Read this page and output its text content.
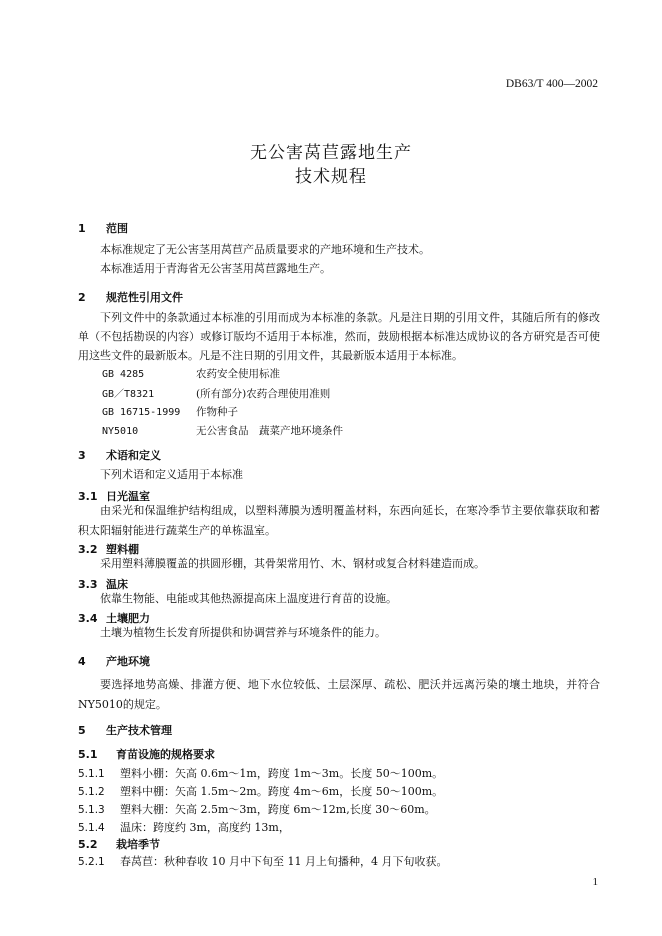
DB63/T 400—2002
无公害莴苣露地生产
技术规程
1 范围
本标准规定了无公害茎用莴苣产品质量要求的产地环境和生产技术。
本标准适用于青海省无公害茎用莴苣露地生产。
2 规范性引用文件
下列文件中的条款通过本标准的引用而成为本标准的条款。凡是注日期的引用文件，其随后所有的修改单（不包括勘误的内容）或修订版均不适用于本标准，然而，鼓励根据本标准达成协议的各方研究是否可使用这些文件的最新版本。凡是不注日期的引用文件，其最新版本适用于本标准。
GB 4285	农药安全使用标准
GB／T8321	(所有部分)农药合理使用准则
GB 16715-1999 作物种子
NY5010	无公害食品　蔬菜产地环境条件
3 术语和定义
下列术语和定义适用于本标准
3.1 日光温室
由采光和保温维护结构组成，以塑料薄膜为透明覆盖材料，东西向延长，在寒冷季节主要依靠获取和蓄积太阳辐射能进行蔬菜生产的单栋温室。
3.2 塑料棚
采用塑料薄膜覆盖的拱圆形棚，其骨架常用竹、木、钢材或复合材料建造而成。
3.3 温床
依靠生物能、电能或其他热源提高床上温度进行育苗的设施。
3.4 土壤肥力
土壤为植物生长发育所提供和协调营养与环境条件的能力。
4 产地环境
要选择地势高燥、排灌方便、地下水位较低、土层深厚、疏松、肥沃并远离污染的壤土地块，并符合NY5010的规定。
5 生产技术管理
5.1 育苗设施的规格要求
5.1.1 塑料小棚：矢高 0.6m～1m，跨度 1m～3m。长度 50～100m。
5.1.2 塑料中棚：矢高 1.5m～2m。跨度 4m～6m，长度 50～100m。
5.1.3 塑料大棚：矢高 2.5m～3m，跨度 6m～12m,长度 30～60m。
5.1.4 温床：跨度约 3m，高度约 13m，
5.2 栽培季节
5.2.1 春莴苣：秋种春收 10 月中下旬至 11 月上旬播种，4 月下旬收获。
1
